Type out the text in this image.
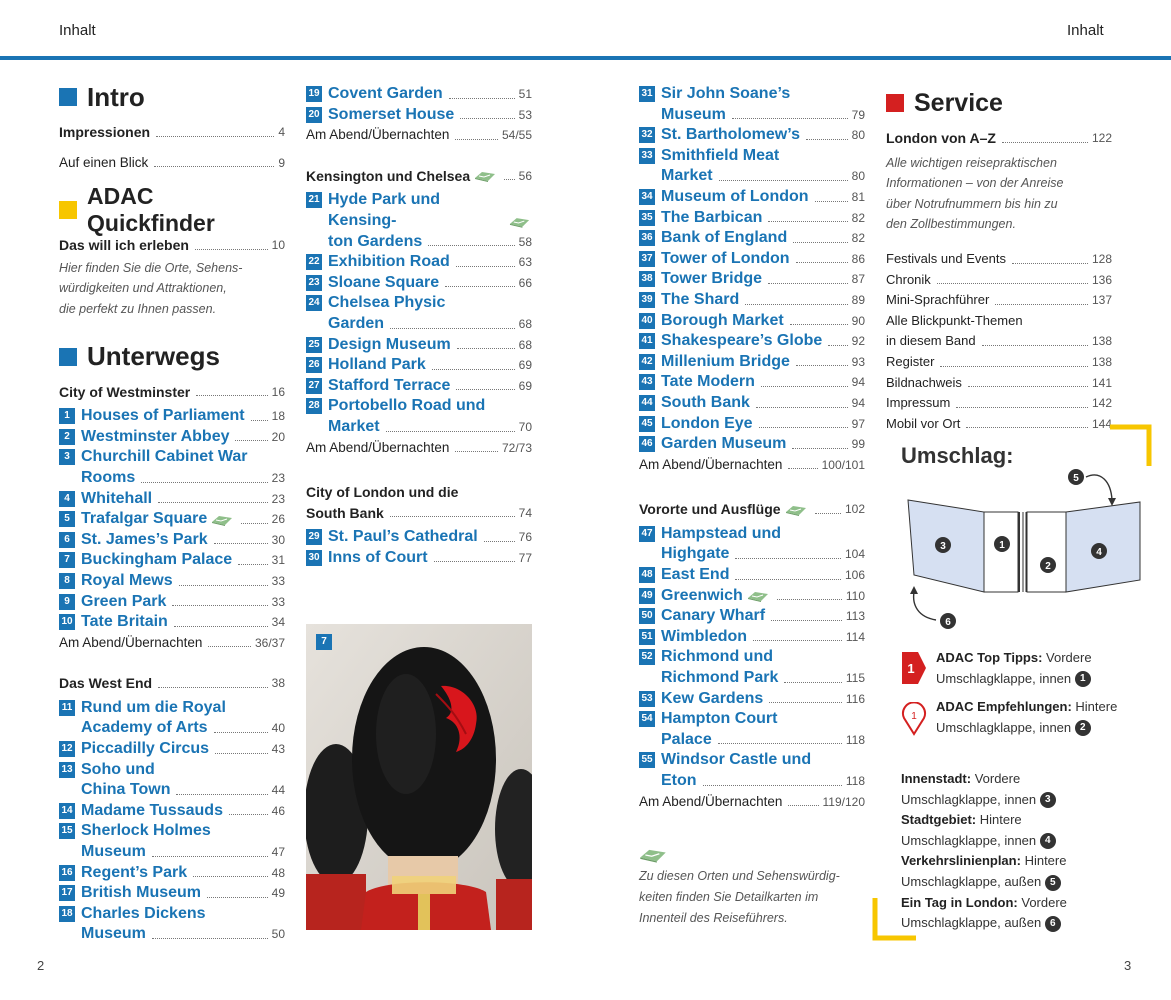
Inhalt	Inhalt
2	3
Intro
Impressionen	4
Auf einen Blick	9
ADAC Quickfinder
Das will ich erleben	10
Hier finden Sie die Orte, Sehens-
würdigkeiten und Attraktionen,
die perfekt zu Ihnen passen.
Unterwegs
City of Westminster	16
1 Houses of Parliament 18
2 Westminster Abbey	20
3 Churchill Cabinet War
Rooms	23
4 Whitehall	23
5 Trafalgar Square	26
6 St. James’s Park	30
7 Buckingham Palace	31
8 Royal Mews	33
9 Green Park	33
10 Tate Britain	34
Am Abend/Übernachten	36/37
Das West End	38
11 Rund um die Royal
Academy of Arts	40
12 Piccadilly Circus	43
13 Soho und
China Town	44
14 Madame Tussauds	46
15 Sherlock Holmes
Museum	47
16 Regent’s Park	48
17 British Museum	49
18 Charles Dickens
Museum	50
19 Covent Garden	51
20 Somerset House	53
Am Abend/Übernachten	54/55
Kensington und Chelsea	56
21 Hyde Park und Kensing-
ton Gardens	58
22 Exhibition Road	63
23 Sloane Square	66
24 Chelsea Physic
Garden	68
25 Design Museum	68
26 Holland Park	69
27 Stafford Terrace	69
28 Portobello Road und
Market	70
Am Abend/Übernachten	72/73
City of London und die
South Bank	74
29 St. Paul’s Cathedral	76
30 Inns of Court	77
7
31 Sir John Soane’s
Museum	79
32 St. Bartholomew’s	80
33 Smithfield Meat
Market	80
34 Museum of London	81
35 The Barbican	82
36 Bank of England	82
37 Tower of London	86
38 Tower Bridge	87
39 The Shard	89
40 Borough Market	90
41 Shakespeare’s Globe 92
42 Millenium Bridge	93
43 Tate Modern	94
44 South Bank	94
45 London Eye	97
46 Garden Museum	99
Am Abend/Übernachten	100/101
Vororte und Ausflüge	102
47 Hampstead und
Highgate	104
48 East End	106
49 Greenwich	110
50 Canary Wharf	113
51 Wimbledon	114
52 Richmond und
Richmond Park	115
53 Kew Gardens	116
54 Hampton Court
Palace	118
55 Windsor Castle und
Eton	118
Am Abend/Übernachten	119/120
Zu diesen Orten und Sehenswürdig-
keiten finden Sie Detailkarten im
Innenteil des Reiseführers.
Service
London von A–Z	122
Alle wichtigen reisepraktischen
Informationen – von der Anreise
über Notrufnummern bis hin zu
den Zollbestimmungen.
Festivals und Events	128
Chronik	136
Mini-Sprachführer	137
Alle Blickpunkt-Themen
in diesem Band	138
Register	138
Bildnachweis	141
Impressum	142
Mobil vor Ort	144
Umschlag:
3	1
2
4
5
6
1
ADAC Top Tipps: Vordere
Umschlagklappe, innen 1
1
ADAC Empfehlungen: Hintere
Umschlagklappe, innen 2
Innenstadt: Vordere
Umschlagklappe, innen 3
Stadtgebiet: Hintere
Umschlagklappe, innen 4
Verkehrslinienplan: Hintere
Umschlagklappe, außen 5
Ein Tag in London: Vordere
Umschlagklappe, außen 6
